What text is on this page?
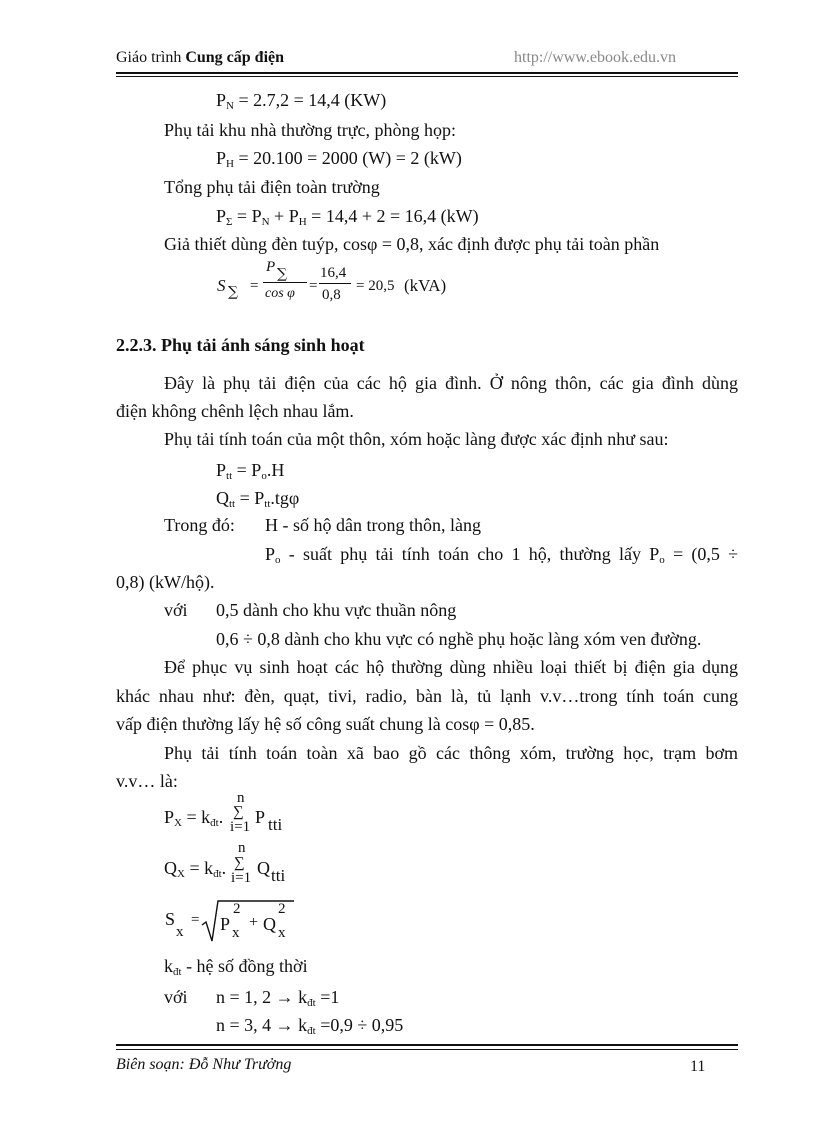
Giáo trình Cung cấp điện	http://www.ebook.edu.vn
$P_N = 2.7,2 = 14,4$ (KW)
Phụ tải khu nhà thường trực, phòng họp:
$P_H = 20.100 = 2000$ (W) = 2 (kW)
Tổng phụ tải điện toàn trường
$P_\Sigma = P_N + P_H = 14,4 + 2 = 16,4$ (kW)
Giả thiết dùng đèn tuýp, cosφ = 0,8, xác định được phụ tải toàn phần
S ∑ =
P ∑
cos φ =
16,4
0,8
= 20,5 (kVA)
2.2.3. Phụ tải ánh sáng sinh hoạt
Đây là phụ tải điện của các hộ gia đình. Ở nông thôn, các gia đình dùng
điện không chênh lệch nhau lắm.
Phụ tải tính toán của một thôn, xóm hoặc làng được xác định như sau:
$P_{tt} = P_o.H$
$Q_{tt} = P_{tt}.tg\varphi$
Trong đó: H - số hộ dân trong thôn, làng
$P_o$ - suất phụ tải tính toán cho 1 hộ, thường lấy $P_o = (0,5$ ÷
0,8) (kW/hộ).
với 0,5 dành cho khu vực thuần nông
0,6 ÷ 0,8 dành cho khu vực có nghề phụ hoặc làng xóm ven đường.
Để phục vụ sinh hoạt các hộ thường dùng nhiều loại thiết bị điện gia dụng
khác nhau như: đèn, quạt, tivi, radio, bàn là, tủ lạnh v.v…trong tính toán cung
vấp điện thường lấy hệ số công suất chung là cosφ = 0,85.
Phụ tải tính toán toàn xã bao gồ các thông xóm, trường học, trạm bơm
v.v… là:
$P_X = k_{đt}$.
n
∑
i=1 P tti
$Q_X = k_{đt}$.
n
∑
i=1 Q tti
S
x
= P
2
x
+ Q
2
x
$k_{đt}$ - hệ số đồng thời
với n = 1, $2 \to k_{đt} =1$
n = 3, $4 \to k_{đt} =0,9 \div 0,95$
Biên soạn: Đỗ Như Trưởng	11
